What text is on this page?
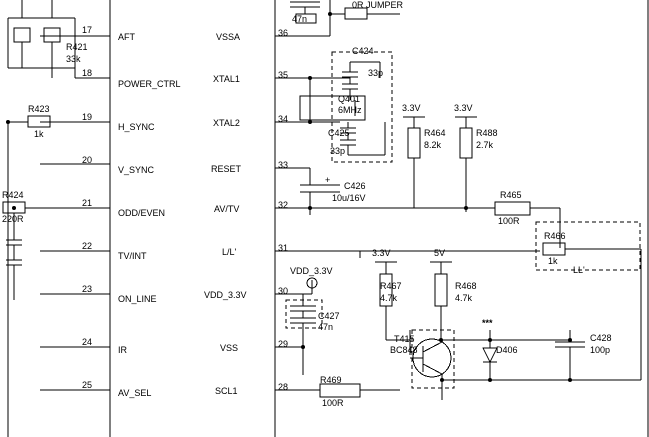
17
18
19
20
21
22
23
24
25
AFT
POWER_CTRL
H_SYNC
V_SYNC
ODD/EVEN
TV/INT
ON_LINE
IR
AV_SEL
36
35
34
33
32
31
30
29
28
VSSA
XTAL1
XTAL2
RESET
AV/TV
L/L'
VDD_3.3V
VSS
SCL1
R421
33k
R423
1k
R424
220R
C424
33p
C425
33p
C426
10u/16V
+
C427
47n
C428
100p
Q401
6MHz
R464
8.2k
R488
2.7k
R465
100R
R466
1k
R467
4.7k
R468
4.7k
R469
100R
T415
BC848	D406
3.3V	3.3V
3.3V	5V
VDD_3.3V	LL'
47n
0R JUMPER
***
